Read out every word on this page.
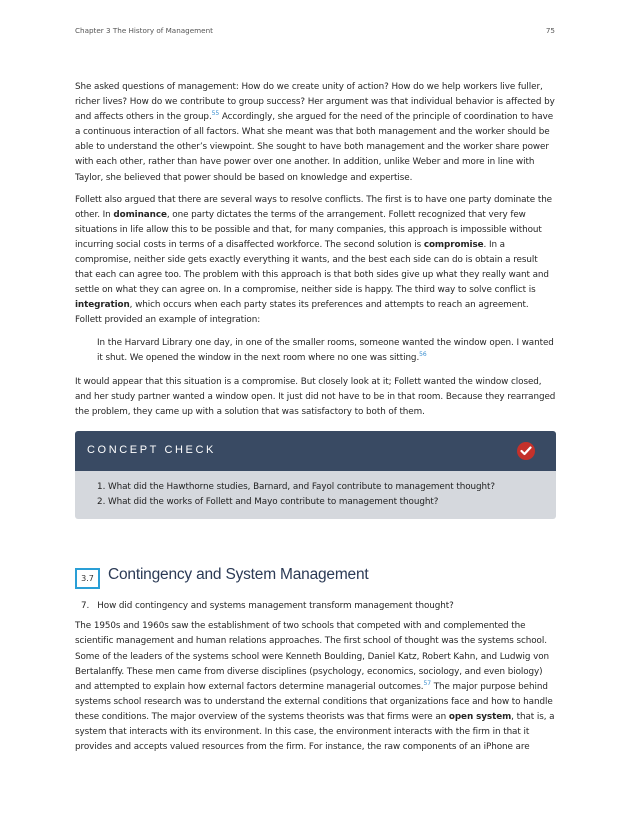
Chapter 3 The History of Management	75

She asked questions of management: How do we create unity of action? How do we help workers live fuller, richer lives? How do we contribute to group success? Her argument was that individual behavior is affected by and affects others in the group.$^{55}$ Accordingly, she argued for the need of the principle of coordination to have a continuous interaction of all factors. What she meant was that both management and the worker should be able to understand the other’s viewpoint. She sought to have both management and the worker share power with each other, rather than have power over one another. In addition, unlike Weber and more in line with Taylor, she believed that power should be based on knowledge and expertise.

Follett also argued that there are several ways to resolve conflicts. The first is to have one party dominate the other. In dominance, one party dictates the terms of the arrangement. Follett recognized that very few situations in life allow this to be possible and that, for many companies, this approach is impossible without incurring social costs in terms of a disaffected workforce. The second solution is compromise. In a compromise, neither side gets exactly everything it wants, and the best each side can do is obtain a result that each can agree too. The problem with this approach is that both sides give up what they really want and settle on what they can agree on. In a compromise, neither side is happy. The third way to solve conflict is integration, which occurs when each party states its preferences and attempts to reach an agreement. Follett provided an example of integration:

In the Harvard Library one day, in one of the smaller rooms, someone wanted the window open. I wanted it shut. We opened the window in the next room where no one was sitting.$^{56}$

It would appear that this situation is a compromise. But closely look at it; Follett wanted the window closed, and her study partner wanted a window open. It just did not have to be in that room. Because they rearranged the problem, they came up with a solution that was satisfactory to both of them.

CONCEPT CHECK
1. What did the Hawthorne studies, Barnard, and Fayol contribute to management thought?
2. What did the works of Follett and Mayo contribute to management thought?
3.7 Contingency and System Management

7. How did contingency and systems management transform management thought?

The 1950s and 1960s saw the establishment of two schools that competed with and complemented the scientific management and human relations approaches. The first school of thought was the systems school. Some of the leaders of the systems school were Kenneth Boulding, Daniel Katz, Robert Kahn, and Ludwig von Bertalanffy. These men came from diverse disciplines (psychology, economics, sociology, and even biology) and attempted to explain how external factors determine managerial outcomes.$^{57}$ The major purpose behind systems school research was to understand the external conditions that organizations face and how to handle these conditions. The major overview of the systems theorists was that firms were an open system, that is, a system that interacts with its environment. In this case, the environment interacts with the firm in that it provides and accepts valued resources from the firm. For instance, the raw components of an iPhone are
